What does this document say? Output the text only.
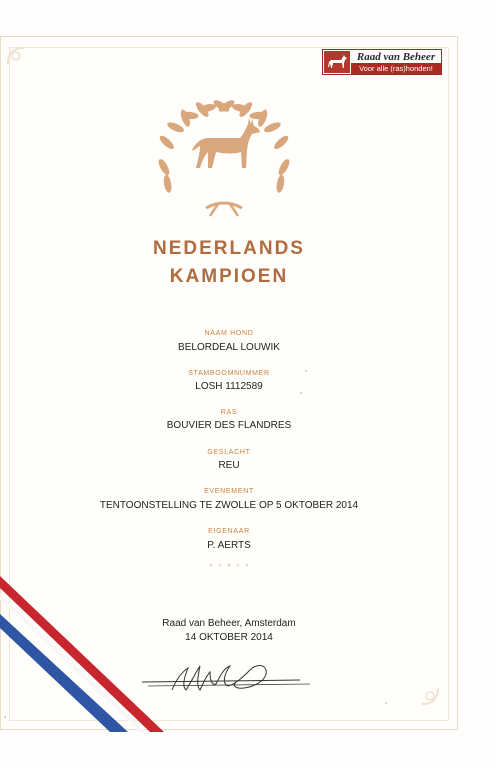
Raad van Beheer
Voor alle (ras)honden!
NEDERLANDS
KAMPIOEN
NAAM HOND
BELORDEAL LOUWIK
STAMBOOMNUMMER
LOSH 1112589
RAS
BOUVIER DES FLANDRES
GESLACHT
REU
EVENEMENT
TENTOONSTELLING TE ZWOLLE OP 5 OKTOBER 2014
EIGENAAR
P. AERTS
Raad van Beheer, Amsterdam
14 OKTOBER 2014
